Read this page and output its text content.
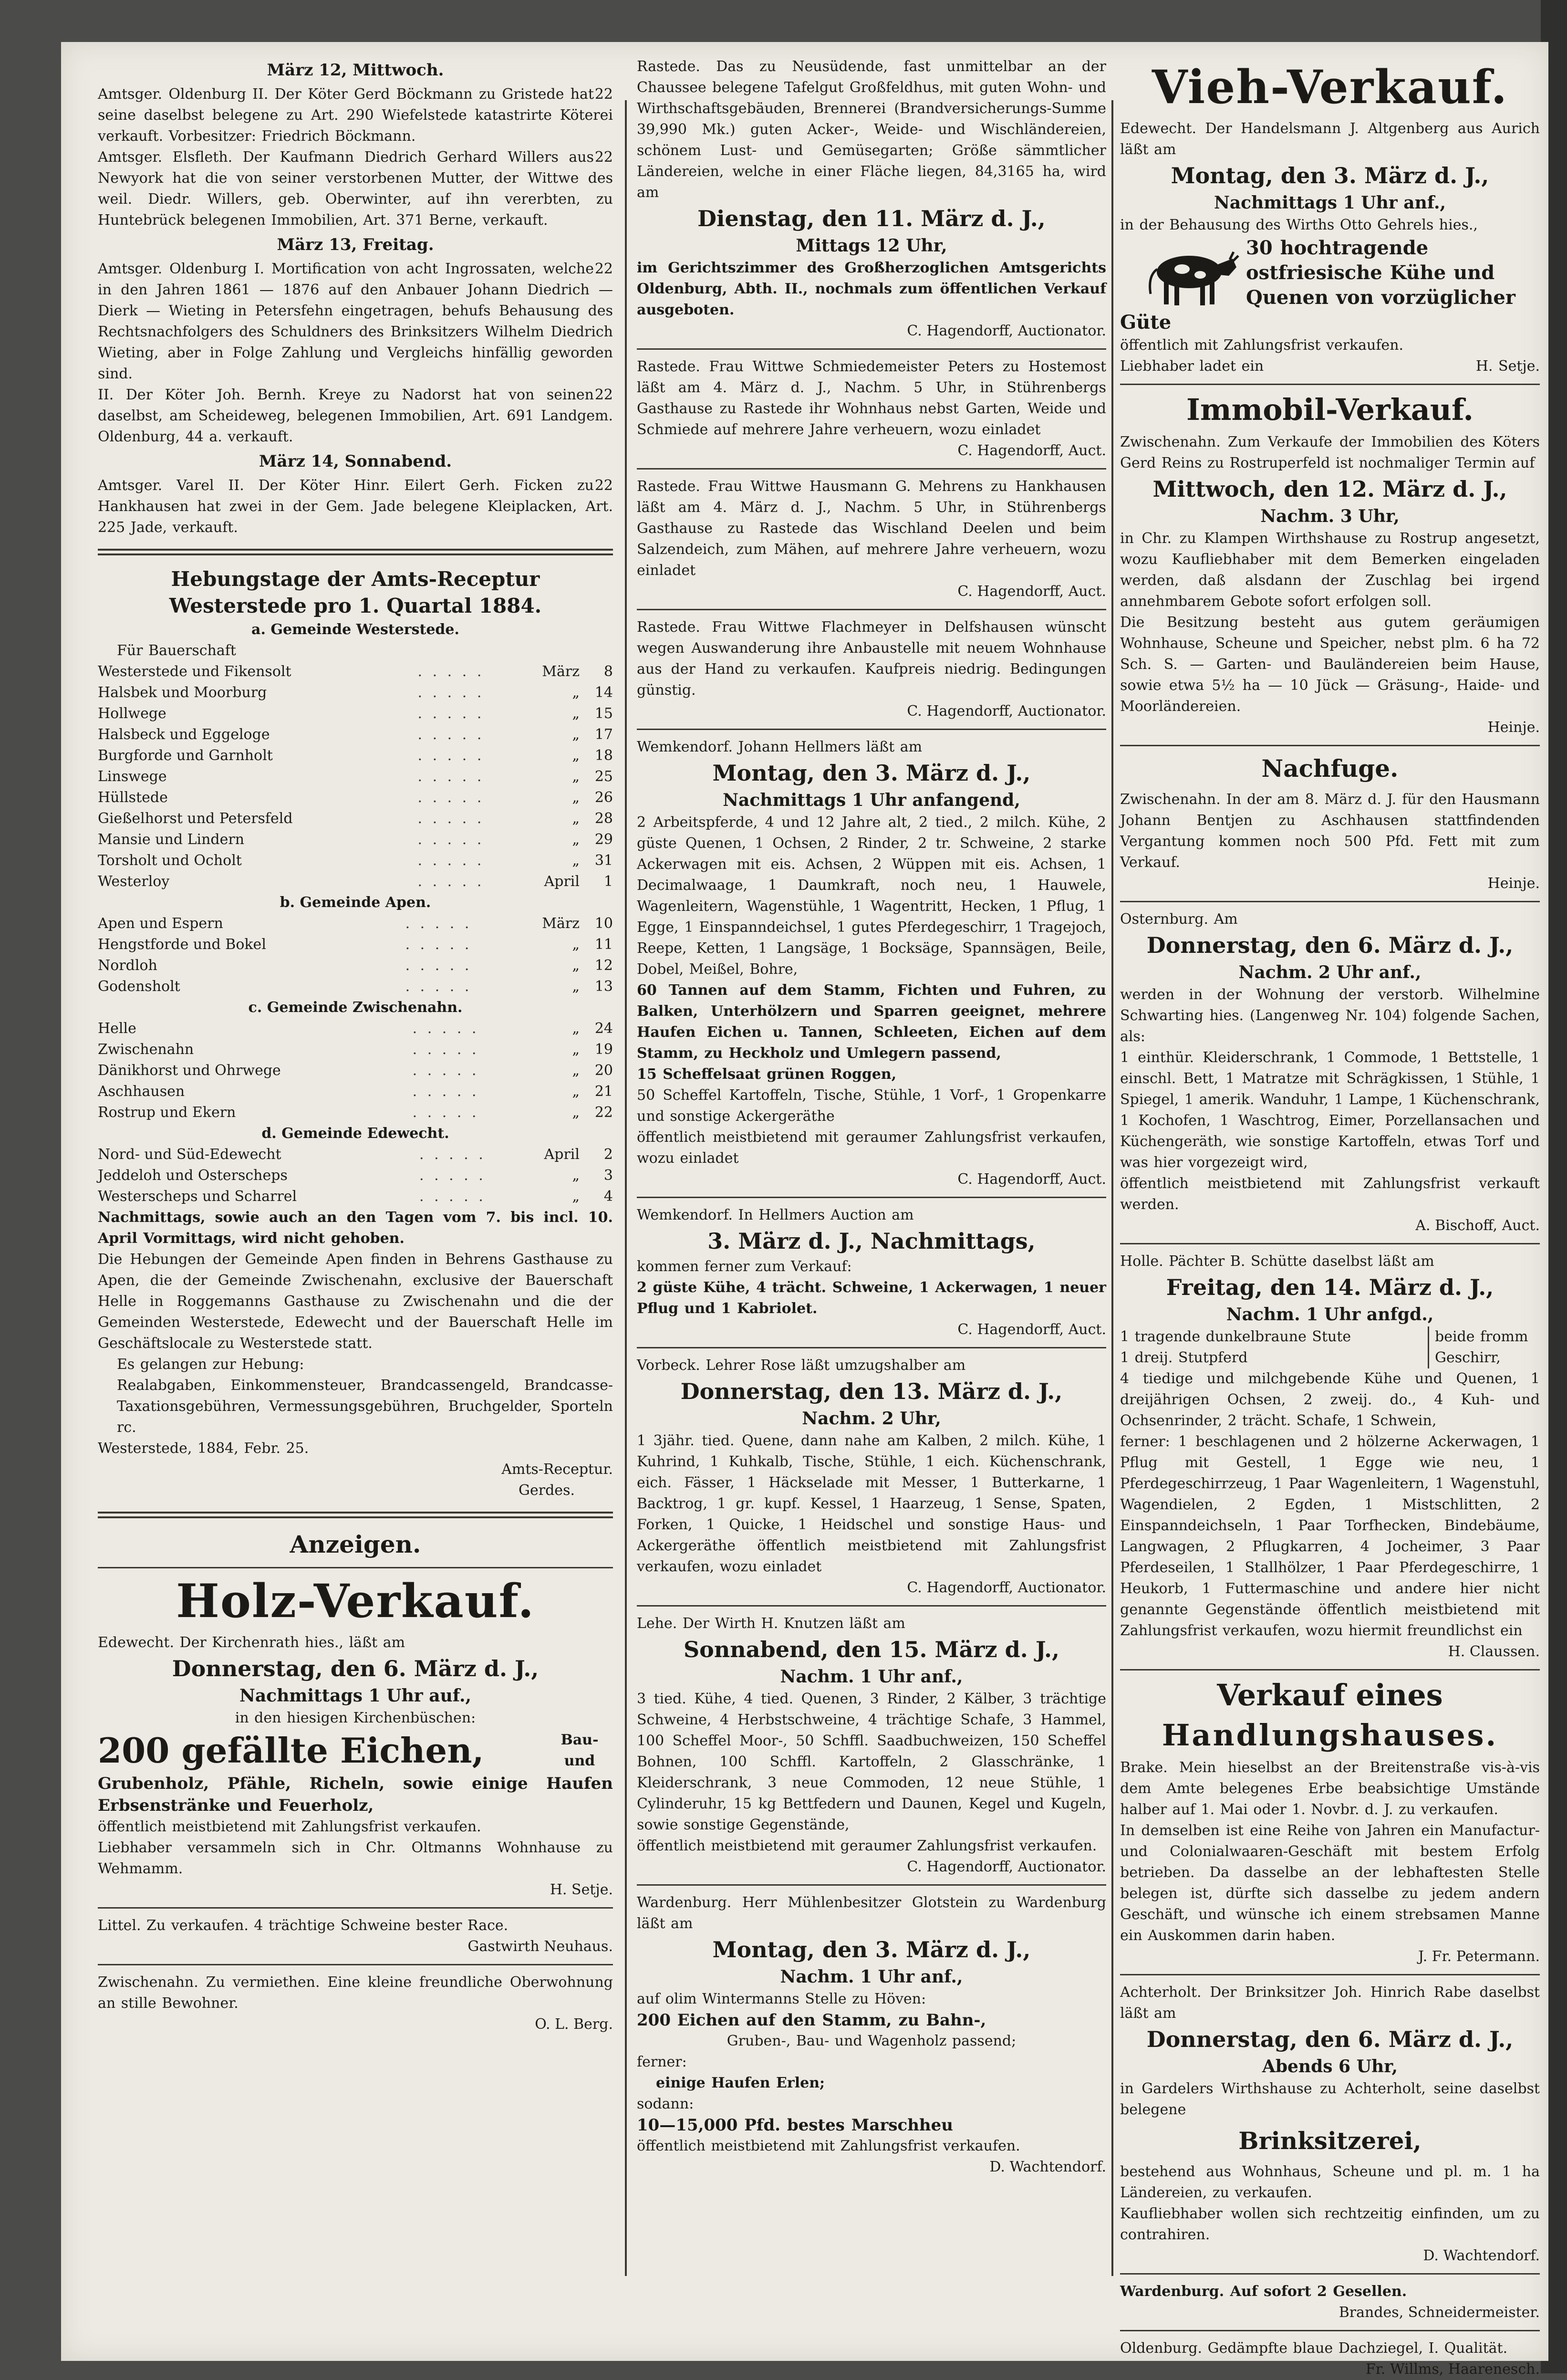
März 12, Mittwoch.

22
Amtsger. Oldenburg II. Der Köter Gerd Böckmann zu Gristede hat seine daselbst belegene zu Art. 290 Wiefelstede katastrirte Köterei verkauft. Vorbesitzer: Friedrich Böckmann.

22
Amtsger. Elsfleth. Der Kaufmann Diedrich Gerhard Willers aus Newyork hat die von seiner verstorbenen Mutter, der Wittwe des weil. Diedr. Willers, geb. Oberwinter, auf ihn vererbten, zu Huntebrück belegenen Immobilien, Art. 371 Berne, verkauft.

März 13, Freitag.

22
Amtsger. Oldenburg I. Mortification von acht Ingrossaten, welche in den Jahren 1861 — 1876 auf den Anbauer Johann Diedrich — Dierk — Wieting in Petersfehn eingetragen, behufs Behausung des Rechtsnachfolgers des Schuldners des Brinksitzers Wilhelm Diedrich Wieting, aber in Folge Zahlung und Vergleichs hinfällig geworden sind.

22
II. Der Köter Joh. Bernh. Kreye zu Nadorst hat von seinen daselbst, am Scheideweg, belegenen Immobilien, Art. 691 Landgem. Oldenburg, 44 a. verkauft.

März 14, Sonnabend.

22
Amtsger. Varel II. Der Köter Hinr. Eilert Gerh. Ficken zu Hankhausen hat zwei in der Gem. Jade belegene Kleiplacken, Art. 225 Jade, verkauft.

Hebungstage der Amts-Receptur
Westerstede pro 1. Quartal 1884.
a. Gemeinde Westerstede.

Für Bauerschaft

Westerstede und Fikensolt	. . . . .	März	8
Halsbek und Moorburg	. . . . .	„	14
Hollwege	. . . . .	„	15
Halsbeck und Eggeloge	. . . . .	„	17
Burgforde und Garnholt	. . . . .	„	18
Linswege	. . . . .	„	25
Hüllstede	. . . . .	„	26
Gießelhorst und Petersfeld	. . . . .	„	28
Mansie und Lindern	. . . . .	„	29
Torsholt und Ocholt	. . . . .	„	31
Westerloy	. . . . .	April	1
b. Gemeinde Apen.
Apen und Espern	. . . . .	März	10
Hengstforde und Bokel	. . . . .	„	11
Nordloh	. . . . .	„	12
Godensholt	. . . . .	„	13
c. Gemeinde Zwischenahn.
Helle	. . . . .	„	24
Zwischenahn	. . . . .	„	19
Dänikhorst und Ohrwege	. . . . .	„	20
Aschhausen	. . . . .	„	21
Rostrup und Ekern	. . . . .	„	22
d. Gemeinde Edewecht.
Nord- und Süd-Edewecht	. . . . .	April	2
Jeddeloh und Osterscheps	. . . . .	„	3
Westerscheps und Scharrel	. . . . .	„	4

Nachmittags, sowie auch an den Tagen vom 7. bis incl. 10. April Vormittags, wird nicht gehoben.

Die Hebungen der Gemeinde Apen finden in Behrens Gasthause zu Apen, die der Gemeinde Zwischenahn, exclusive der Bauerschaft Helle in Roggemanns Gasthause zu Zwischenahn und die der Gemeinden Westerstede, Edewecht und der Bauerschaft Helle im Geschäftslocale zu Westerstede statt.

Es gelangen zur Hebung:

Realabgaben, Einkommensteuer, Brandcassengeld, Brandcasse-Taxationsgebühren, Vermessungsgebühren, Bruchgelder, Sporteln rc.

Westerstede, 1884, Febr. 25.

Amts-Receptur.

Gerdes.

Anzeigen.
Holz-Verkauf.

Edewecht. Der Kirchenrath hies., läßt am

Donnerstag, den 6. März d. J.,
Nachmittags 1 Uhr auf.,

in den hiesigen Kirchenbüschen:

200 gefällte Eichen,	Bau- und

Grubenholz, Pfähle, Richeln, sowie einige Haufen Erbsenstränke und Feuerholz,

öffentlich meistbietend mit Zahlungsfrist verkaufen.

Liebhaber versammeln sich in Chr. Oltmanns Wohnhause zu Wehmamm.

H. Setje.

Littel. Zu verkaufen. 4 trächtige Schweine bester Race.

Gastwirth Neuhaus.

Zwischenahn. Zu vermiethen. Eine kleine freundliche Oberwohnung an stille Bewohner.

O. L. Berg.

Rastede. Das zu Neusüdende, fast unmittelbar an der Chaussee belegene Tafelgut Großfeldhus, mit guten Wohn- und Wirthschaftsgebäuden, Brennerei (Brandversicherungs-Summe 39,990 Mk.) guten Acker-, Weide- und Wischländereien, schönem Lust- und Gemüsegarten; Größe sämmtlicher Ländereien, welche in einer Fläche liegen, 84,3165 ha, wird am

Dienstag, den 11. März d. J.,
Mittags 12 Uhr,

im Gerichtszimmer des Großherzoglichen Amtsgerichts Oldenburg, Abth. II., nochmals zum öffentlichen Verkauf ausgeboten.

C. Hagendorff, Auctionator.

Rastede. Frau Wittwe Schmiedemeister Peters zu Hostemost läßt am 4. März d. J., Nachm. 5 Uhr, in Stührenbergs Gasthause zu Rastede ihr Wohnhaus nebst Garten, Weide und Schmiede auf mehrere Jahre verheuern, wozu einladet

C. Hagendorff, Auct.

Rastede. Frau Wittwe Hausmann G. Mehrens zu Hankhausen läßt am 4. März d. J., Nachm. 5 Uhr, in Stührenbergs Gasthause zu Rastede das Wischland Deelen und beim Salzendeich, zum Mähen, auf mehrere Jahre verheuern, wozu einladet

C. Hagendorff, Auct.

Rastede. Frau Wittwe Flachmeyer in Delfshausen wünscht wegen Auswanderung ihre Anbaustelle mit neuem Wohnhause aus der Hand zu verkaufen. Kaufpreis niedrig. Bedingungen günstig.

C. Hagendorff, Auctionator.

Wemkendorf. Johann Hellmers läßt am

Montag, den 3. März d. J.,
Nachmittags 1 Uhr anfangend,

2 Arbeitspferde, 4 und 12 Jahre alt, 2 tied., 2 milch. Kühe, 2 güste Quenen, 1 Ochsen, 2 Rinder, 2 tr. Schweine, 2 starke Ackerwagen mit eis. Achsen, 2 Wüppen mit eis. Achsen, 1 Decimalwaage, 1 Daumkraft, noch neu, 1 Hauwele, Wagenleitern, Wagenstühle, 1 Wagentritt, Hecken, 1 Pflug, 1 Egge, 1 Einspanndeichsel, 1 gutes Pferdegeschirr, 1 Tragejoch, Reepe, Ketten, 1 Langsäge, 1 Bocksäge, Spannsägen, Beile, Dobel, Meißel, Bohre,

60 Tannen auf dem Stamm, Fichten und Fuhren, zu Balken, Unterhölzern und Sparren geeignet, mehrere Haufen Eichen u. Tannen, Schleeten, Eichen auf dem Stamm, zu Heckholz und Umlegern passend,

15 Scheffelsaat grünen Roggen,

50 Scheffel Kartoffeln, Tische, Stühle, 1 Vorf-, 1 Gropenkarre und sonstige Ackergeräthe

öffentlich meistbietend mit geraumer Zahlungsfrist verkaufen, wozu einladet

C. Hagendorff, Auct.

Wemkendorf. In Hellmers Auction am

3. März d. J., Nachmittags,

kommen ferner zum Verkauf:

2 güste Kühe, 4 trächt. Schweine, 1 Ackerwagen, 1 neuer Pflug und 1 Kabriolet.

C. Hagendorff, Auct.

Vorbeck. Lehrer Rose läßt umzugshalber am

Donnerstag, den 13. März d. J.,
Nachm. 2 Uhr,

1 3jähr. tied. Quene, dann nahe am Kalben, 2 milch. Kühe, 1 Kuhrind, 1 Kuhkalb, Tische, Stühle, 1 eich. Küchenschrank, eich. Fässer, 1 Häckselade mit Messer, 1 Butterkarne, 1 Backtrog, 1 gr. kupf. Kessel, 1 Haarzeug, 1 Sense, Spaten, Forken, 1 Quicke, 1 Heidschel und sonstige Haus- und Ackergeräthe öffentlich meistbietend mit Zahlungsfrist verkaufen, wozu einladet

C. Hagendorff, Auctionator.

Lehe. Der Wirth H. Knutzen läßt am

Sonnabend, den 15. März d. J.,
Nachm. 1 Uhr anf.,

3 tied. Kühe, 4 tied. Quenen, 3 Rinder, 2 Kälber, 3 trächtige Schweine, 4 Herbstschweine, 4 trächtige Schafe, 3 Hammel, 100 Scheffel Moor-, 50 Schffl. Saadbuchweizen, 150 Scheffel Bohnen, 100 Schffl. Kartoffeln, 2 Glasschränke, 1 Kleiderschrank, 3 neue Commoden, 12 neue Stühle, 1 Cylinderuhr, 15 kg Bettfedern und Daunen, Kegel und Kugeln, sowie sonstige Gegenstände,

öffentlich meistbietend mit geraumer Zahlungsfrist verkaufen.

C. Hagendorff, Auctionator.

Wardenburg. Herr Mühlenbesitzer Glotstein zu Wardenburg läßt am

Montag, den 3. März d. J.,
Nachm. 1 Uhr anf.,

auf olim Wintermanns Stelle zu Höven:

200 Eichen auf den Stamm, zu Bahn-,

Gruben-, Bau- und Wagenholz passend;

ferner:

einige Haufen Erlen;

sodann:

10—15,000 Pfd. bestes Marschheu

öffentlich meistbietend mit Zahlungsfrist verkaufen.

D. Wachtendorf.

Vieh-Verkauf.

Edewecht. Der Handelsmann J. Altgenberg aus Aurich läßt am

Montag, den 3. März d. J.,
Nachmittags 1 Uhr anf.,

in der Behausung des Wirths Otto Gehrels hies.,

30 hochtragende ostfriesische Kühe und Quenen von vorzüglicher Güte

öffentlich mit Zahlungsfrist verkaufen.

Liebhaber ladet ein	H. Setje.

Immobil-Verkauf.

Zwischenahn. Zum Verkaufe der Immobilien des Köters Gerd Reins zu Rostruperfeld ist nochmaliger Termin auf

Mittwoch, den 12. März d. J.,
Nachm. 3 Uhr,

in Chr. zu Klampen Wirthshause zu Rostrup angesetzt, wozu Kaufliebhaber mit dem Bemerken eingeladen werden, daß alsdann der Zuschlag bei irgend annehmbarem Gebote sofort erfolgen soll.

Die Besitzung besteht aus gutem geräumigen Wohnhause, Scheune und Speicher, nebst plm. 6 ha 72 Sch. S. — Garten- und Bauländereien beim Hause, sowie etwa 5½ ha — 10 Jück — Gräsung-, Haide- und Moorländereien.

Heinje.

Nachfuge.

Zwischenahn. In der am 8. März d. J. für den Hausmann Johann Bentjen zu Aschhausen stattfindenden Vergantung kommen noch 500 Pfd. Fett mit zum Verkauf.

Heinje.

Osternburg. Am

Donnerstag, den 6. März d. J.,
Nachm. 2 Uhr anf.,

werden in der Wohnung der verstorb. Wilhelmine Schwarting hies. (Langenweg Nr. 104) folgende Sachen, als:

1 einthür. Kleiderschrank, 1 Commode, 1 Bettstelle, 1 einschl. Bett, 1 Matratze mit Schrägkissen, 1 Stühle, 1 Spiegel, 1 amerik. Wanduhr, 1 Lampe, 1 Küchenschrank, 1 Kochofen, 1 Waschtrog, Eimer, Porzellansachen und Küchengeräth, wie sonstige Kartoffeln, etwas Torf und was hier vorgezeigt wird,

öffentlich meistbietend mit Zahlungsfrist verkauft werden.

A. Bischoff, Auct.

Holle. Pächter B. Schütte daselbst läßt am

Freitag, den 14. März d. J.,
Nachm. 1 Uhr anfgd.,

1 tragende dunkelbraune Stute

1 dreij. Stutpferd

beide fromm Geschirr,

4 tiedige und milchgebende Kühe und Quenen, 1 dreijährigen Ochsen, 2 zweij. do., 4 Kuh- und Ochsenrinder, 2 trächt. Schafe, 1 Schwein,

ferner: 1 beschlagenen und 2 hölzerne Ackerwagen, 1 Pflug mit Gestell, 1 Egge wie neu, 1 Pferdegeschirrzeug, 1 Paar Wagenleitern, 1 Wagenstuhl, Wagendielen, 2 Egden, 1 Mistschlitten, 2 Einspanndeichseln, 1 Paar Torfhecken, Bindebäume, Langwagen, 2 Pflugkarren, 4 Jocheimer, 3 Paar Pferdeseilen, 1 Stallhölzer, 1 Paar Pferdegeschirre, 1 Heukorb, 1 Futtermaschine und andere hier nicht genannte Gegenstände öffentlich meistbietend mit Zahlungsfrist verkaufen, wozu hiermit freundlichst ein

H. Claussen.

Verkauf eines
Handlungshauses.

Brake. Mein hieselbst an der Breitenstraße vis-à-vis dem Amte belegenes Erbe beabsichtige Umstände halber auf 1. Mai oder 1. Novbr. d. J. zu verkaufen.

In demselben ist eine Reihe von Jahren ein Manufactur- und Colonialwaaren-Geschäft mit bestem Erfolg betrieben. Da dasselbe an der lebhaftesten Stelle belegen ist, dürfte sich dasselbe zu jedem andern Geschäft, und wünsche ich einem strebsamen Manne ein Auskommen darin haben.

J. Fr. Petermann.

Achterholt. Der Brinksitzer Joh. Hinrich Rabe daselbst läßt am

Donnerstag, den 6. März d. J.,
Abends 6 Uhr,

in Gardelers Wirthshause zu Achterholt, seine daselbst belegene

Brinksitzerei,

bestehend aus Wohnhaus, Scheune und pl. m. 1 ha Ländereien, zu verkaufen.

Kaufliebhaber wollen sich rechtzeitig einfinden, um zu contrahiren.

D. Wachtendorf.

Wardenburg. Auf sofort 2 Gesellen.

Brandes, Schneidermeister.

Oldenburg. Gedämpfte blaue Dachziegel, I. Qualität.

Fr. Willms, Haarenesch.
